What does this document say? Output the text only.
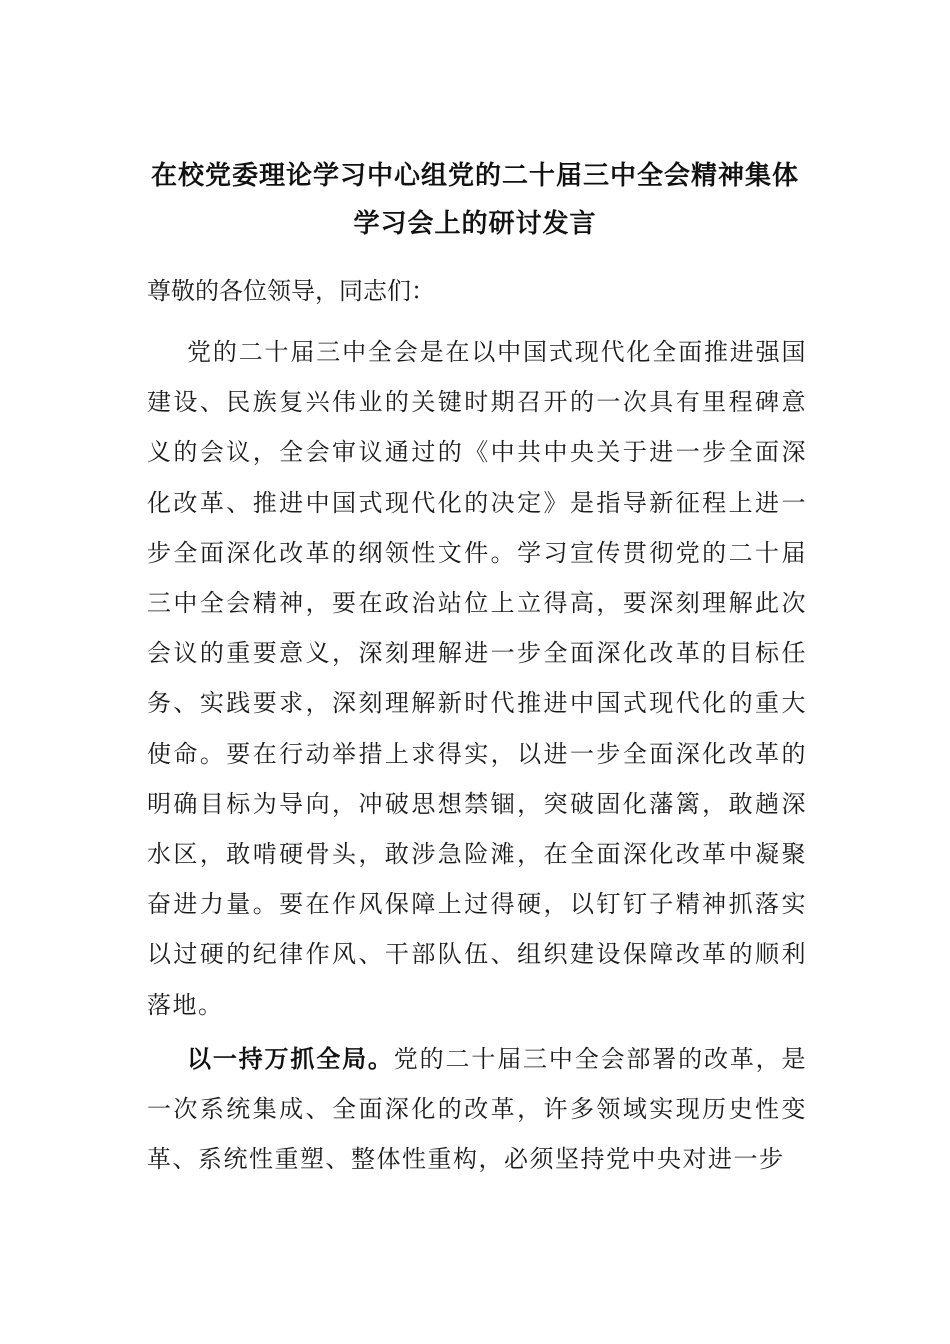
在校党委理论学习中心组党的二十届三中全会精神集体学习会上的研讨发言

尊敬的各位领导，同志们：

党的二十届三中全会是在以中国式现代化全面推进强国建设、民族复兴伟业的关键时期召开的一次具有里程碑意义的会议，全会审议通过的《中共中央关于进一步全面深化改革、推进中国式现代化的决定》是指导新征程上进一步全面深化改革的纲领性文件。学习宣传贯彻党的二十届三中全会精神，要在政治站位上立得高，要深刻理解此次会议的重要意义，深刻理解进一步全面深化改革的目标任务、实践要求，深刻理解新时代推进中国式现代化的重大使命。要在行动举措上求得实，以进一步全面深化改革的明确目标为导向，冲破思想禁锢，突破固化藩篱，敢趟深水区，敢啃硬骨头，敢涉急险滩，在全面深化改革中凝聚奋进力量。要在作风保障上过得硬，以钉钉子精神抓落实以过硬的纪律作风、干部队伍、组织建设保障改革的顺利落地。

以一持万抓全局。党的二十届三中全会部署的改革，是一次系统集成、全面深化的改革，许多领域实现历史性变革、系统性重塑、整体性重构，必须坚持党中央对进一步
